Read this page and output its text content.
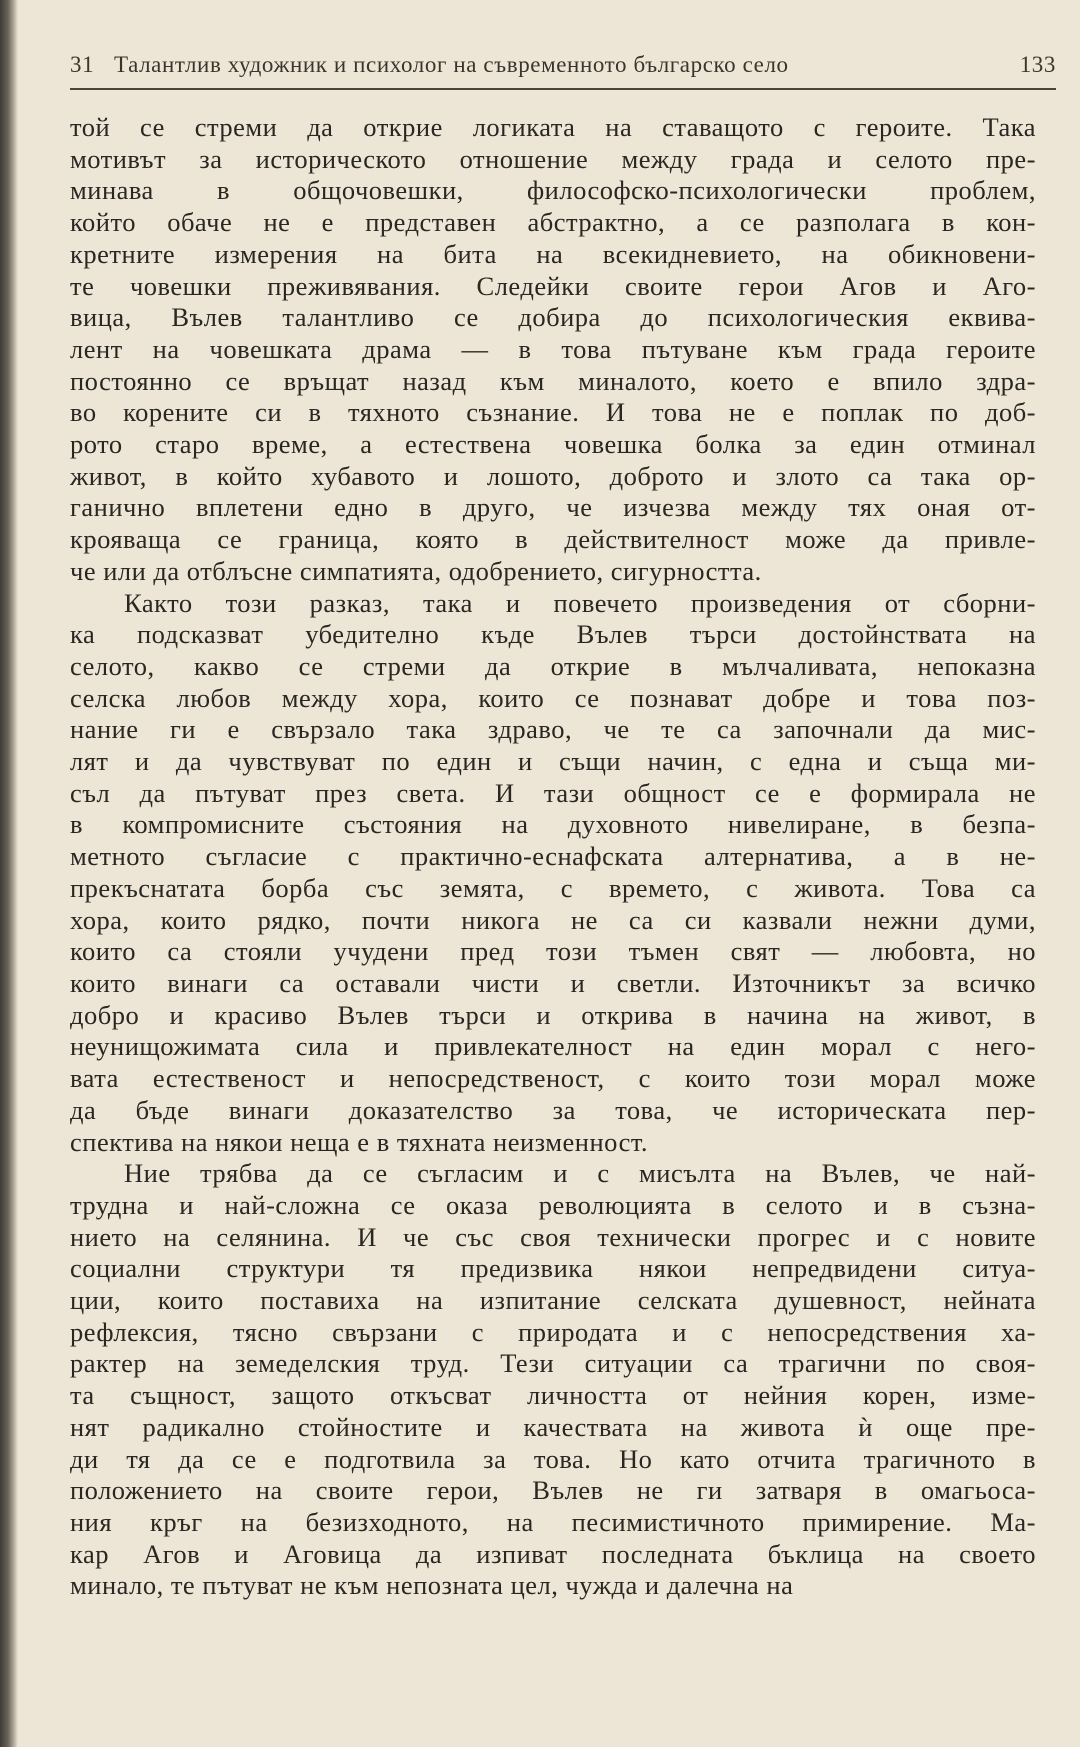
31 Талантлив художник и психолог на съвременното българско село	133

той се стреми да открие логиката на ставащото с героите. Така
мотивът за историческото отношение между града и селото пре-
минава в общочовешки, философско-психологически проблем,
който обаче не е представен абстрактно, а се разполага в кон-
кретните измерения на бита на всекидневието, на обикновени-
те човешки преживявания. Следейки своите герои Агов и Аго-
вица, Вълев талантливо се добира до психологическия еквива-
лент на човешката драма — в това пътуване към града героите
постоянно се връщат назад към миналото, което е впило здра-
во корените си в тяхното съзнание. И това не е поплак по доб-
рото старо време, а естествена човешка болка за един отминал
живот, в който хубавото и лошото, доброто и злото са така ор-
ганично вплетени едно в друго, че изчезва между тях оная от-
крояваща се граница, която в действителност може да привле-
че или да отблъсне симпатията, одобрението, сигурността.

Както този разказ, така и повечето произведения от сборни-
ка подсказват убедително къде Вълев търси достойнствата на
селото, какво се стреми да открие в мълчаливата, непоказна
селска любов между хора, които се познават добре и това поз-
нание ги е свързало така здраво, че те са започнали да мис-
лят и да чувствуват по един и същи начин, с една и съща ми-
съл да пътуват през света. И тази общност се е формирала не
в компромисните състояния на духовното нивелиране, в безпа-
метното съгласие с практично-еснафската алтернатива, а в не-
прекъснатата борба със земята, с времето, с живота. Това са
хора, които рядко, почти никога не са си казвали нежни думи,
които са стояли учудени пред този тъмен свят — любовта, но
които винаги са оставали чисти и светли. Източникът за всичко
добро и красиво Вълев търси и открива в начина на живот, в
неунищожимата сила и привлекателност на един морал с него-
вата естественост и непосредственост, с които този морал може
да бъде винаги доказателство за това, че историческата пер-
спектива на някои неща е в тяхната неизменност.

Ние трябва да се съгласим и с мисълта на Вълев, че най-
трудна и най-сложна се оказа революцията в селото и в съзна-
нието на селянина. И че със своя технически прогрес и с новите
социални структури тя предизвика някои непредвидени ситуа-
ции, които поставиха на изпитание селската душевност, нейната
рефлексия, тясно свързани с природата и с непосредствения ха-
рактер на земеделския труд. Тези ситуации са трагични по своя-
та същност, защото откъсват личността от нейния корен, изме-
нят радикално стойностите и качествата на живота ѝ още пре-
ди тя да се е подготвила за това. Но като отчита трагичното в
положението на своите герои, Вълев не ги затваря в омагьоса-
ния кръг на безизходното, на песимистичното примирение. Ма-
кар Агов и Аговица да изпиват последната бъклица на своето
минало, те пътуват не към непозната цел, чужда и далечна на
